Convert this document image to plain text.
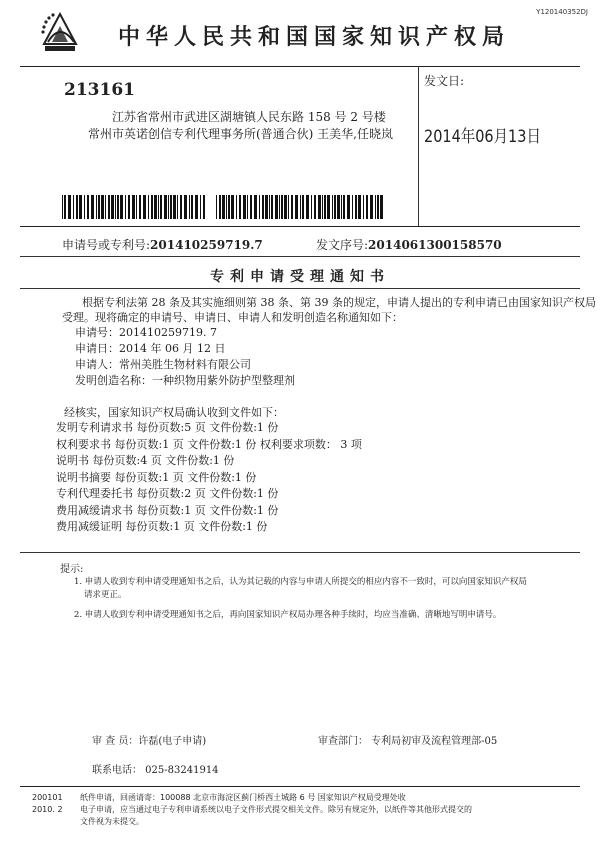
Y120140352DJ
中华人民共和国国家知识产权局
213161
江苏省常州市武进区湖塘镇人民东路 158 号 2 号楼
常州市英诺创信专利代理事务所(普通合伙) 王美华,任晓岚
发文日:
2014年06月13日
申请号或专利号:201410259719.7	发文序号:2014061300158570
专利申请受理通知书
根据专利法第 28 条及其实施细则第 38 条、第 39 条的规定，申请人提出的专利申请已由国家知识产权局
受理。现将确定的申请号、申请日、申请人和发明创造名称通知如下：
申请号：201410259719. 7
申请日：2014 年 06 月 12 日
申请人：常州美胜生物材料有限公司
发明创造名称：一种织物用紫外防护型整理剂
经核实，国家知识产权局确认收到文件如下：
发明专利请求书 每份页数:5 页 文件份数:1 份
权利要求书 每份页数:1 页 文件份数:1 份 权利要求项数： 3 项
说明书 每份页数:4 页 文件份数:1 份
说明书摘要 每份页数:1 页 文件份数:1 份
专利代理委托书 每份页数:2 页 文件份数:1 份
费用减缓请求书 每份页数:1 页 文件份数:1 份
费用减缓证明 每份页数:1 页 文件份数:1 份
提示:
1. 申请人收到专利申请受理通知书之后，认为其记载的内容与申请人所提交的相应内容不一致时，可以向国家知识产权局
请求更正。
2. 申请人收到专利申请受理通知书之后，再向国家知识产权局办理各种手续时，均应当准确、清晰地写明申请号。
审 查 员：许磊(电子申请)	审查部门： 专利局初审及流程管理部-05
联系电话： 025-83241914
200101
2010. 2
纸件申请，回函请寄：100088 北京市海淀区蓟门桥西土城路 6 号 国家知识产权局受理处收
电子申请，应当通过电子专利申请系统以电子文件形式提交相关文件。除另有规定外，以纸件等其他形式提交的
文件视为未提交。
